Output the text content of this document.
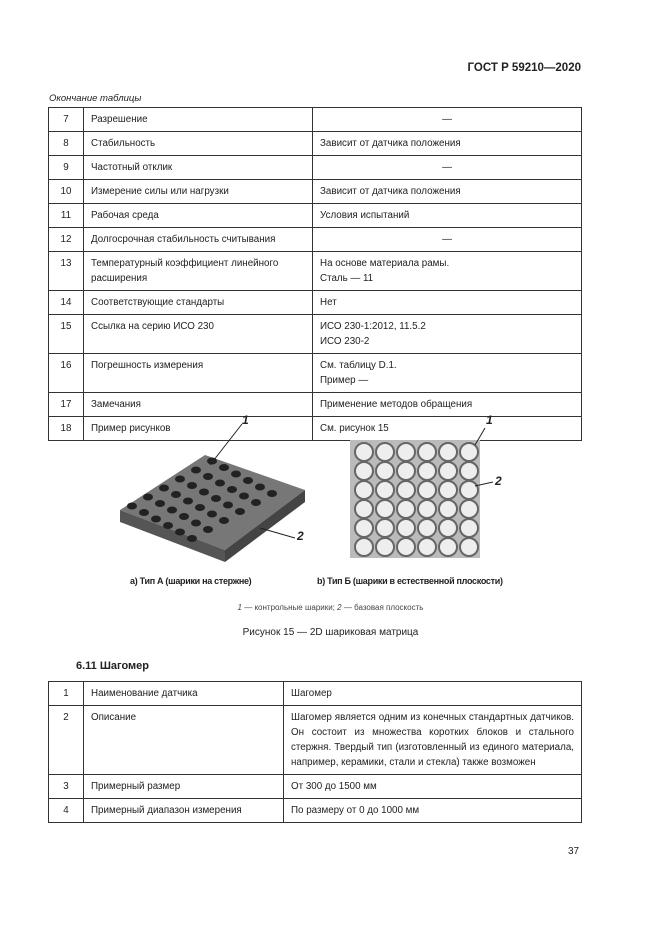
ГОСТ Р 59210—2020
Окончание таблицы
7	Разрешение	—
8	Стабильность	Зависит от датчика положения
9	Частотный отклик	—
10	Измерение силы или нагрузки	Зависит от датчика положения
11	Рабочая среда	Условия испытаний
12	Долгосрочная стабильность считывания	—
13	Температурный коэффициент линейного расширения	На основе материала рамы.
Сталь — 11
14	Соответствующие стандарты	Нет
15	Ссылка на серию ИСО 230	ИСО 230-1:2012, 11.5.2
ИСО 230-2
16	Погрешность измерения	См. таблицу D.1.
Пример —
17	Замечания	Применение методов обращения
18	Пример рисунков	См. рисунок 15
1
2
1
2
а) Тип А (шарики на стержне)	b) Тип Б (шарики в естественной плоскости)
1 — контрольные шарики; 2 — базовая плоскость
Рисунок 15 — 2D шариковая матрица
6.11 Шагомер
1	Наименование датчика	Шагомер
2	Описание	Шагомер является одним из конечных стандартных датчиков. Он состоит из множества коротких блоков и стального стержня. Твердый тип (изготовленный из единого материала, например, керамики, стали и стекла) также возможен
3	Примерный размер	От 300 до 1500 мм
4	Примерный диапазон измерения	По размеру от 0 до 1000 мм
37
